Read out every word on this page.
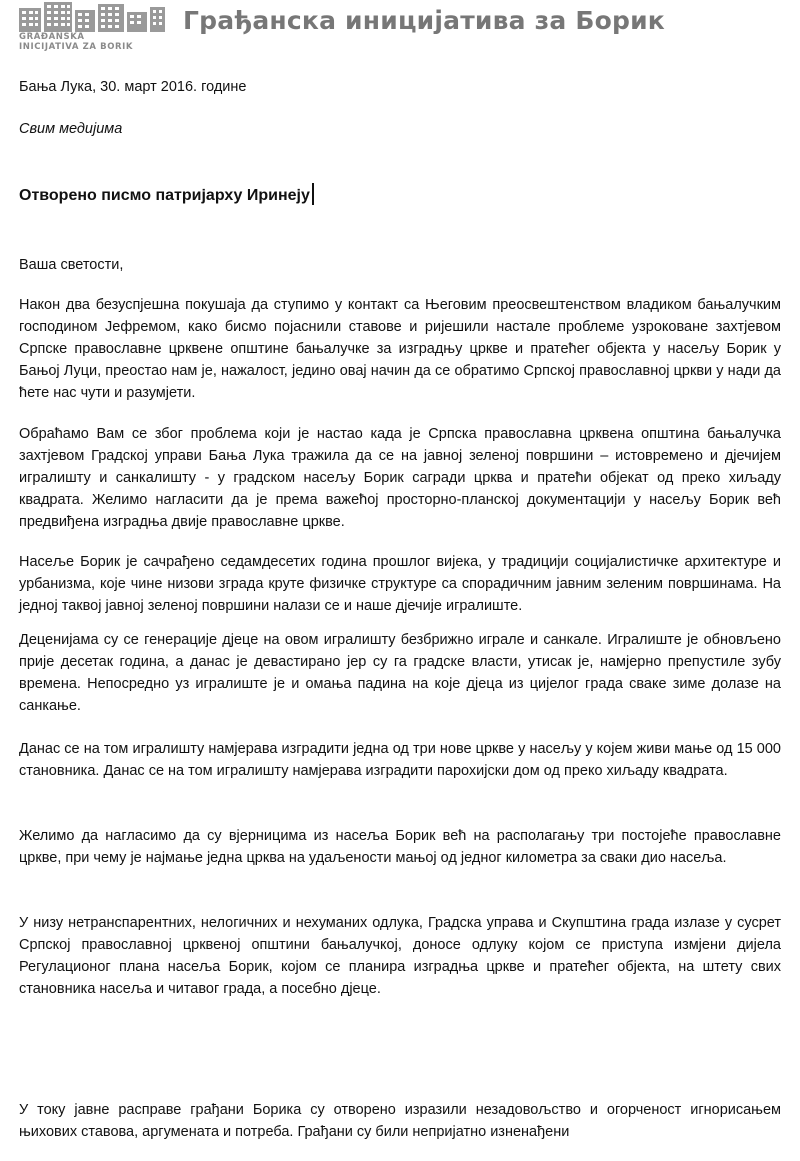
GRAĐANSKA
INICIJATIVA ZA BORIK
Грађанска иницијатива за Борик
Бања Лука, 30. март 2016. године
Свим медијима
Отворено писмо патријарху Иринеју
Ваша светости,
Након два безуспјешна покушаја да ступимо у контакт са Његовим преосвештенством владиком бањалучким господином Јефремом, како бисмо појаснили ставове и ријешили настале проблеме узроковане захтјевом Српске православне црквене општине бањалучке за изградњу цркве и пратећег објекта у насељу Борик у Бањој Луци, преостао нам је, нажалост, једино овај начин да се обратимо Српској православној цркви у нади да ћете нас чути и разумјети.
Обраћамо Вам се због проблема који је настао када је Српска православна црквена општина бањалучка захтјевом Градској управи Бања Лука тражила да се на јавној зеленој површини – истовремено и дјечијем игралишту и санкалишту - у градском насељу Борик сагради црква и пратећи објекат од преко хиљаду квадрата. Желимо нагласити да је према важећој просторно-планској документацији у насељу Борик већ предвиђена изградња двије православне цркве.
Насеље Борик је сачрађено седамдесетих година прошлог вијека, у традицији социјалистичке архитектуре и урбанизма, које чине низови зграда круте физичке структуре са спорадичним јавним зеленим површинама. На једној таквој јавној зеленој површини налази се и наше дјечије игралиште.
Деценијама су се генерације дјеце на овом игралишту безбрижно играле и санкале. Игралиште је обновљено прије десетак година, а данас је девастирано јер су га градске власти, утисак је, намјерно препустиле зубу времена. Непосредно уз игралиште је и омања падина на које дјеца из цијелог града сваке зиме долазе на санкање.
Данас се на том игралишту намјерава изградити једна од три нове цркве у насељу у којем живи мање од 15 000 становника. Данас се на том игралишту намјерава изградити парохијски дом од преко хиљаду квадрата.
Желимо да нагласимо да су вјерницима из насеља Борик већ на располагању три постојеће православне цркве, при чему је најмање једна црква на удаљености мањој од једног километра за сваки дио насеља.
У низу нетранспарентних, нелогичних и нехуманих одлука, Градска управа и Скупштина града излазе у сусрет Српској православној црквеној општини бањалучкој, доносе одлуку којом се приступа измјени дијела Регулационог плана насеља Борик, којом се планира изградња цркве и пратећег објекта, на штету свих становника насеља и читавог града, а посебно дјеце.
У току јавне расправе грађани Борика су отворено изразили незадовољство и огорченост игнорисањем њихових ставова, аргумената и потреба. Грађани су били непријатно изненађени
